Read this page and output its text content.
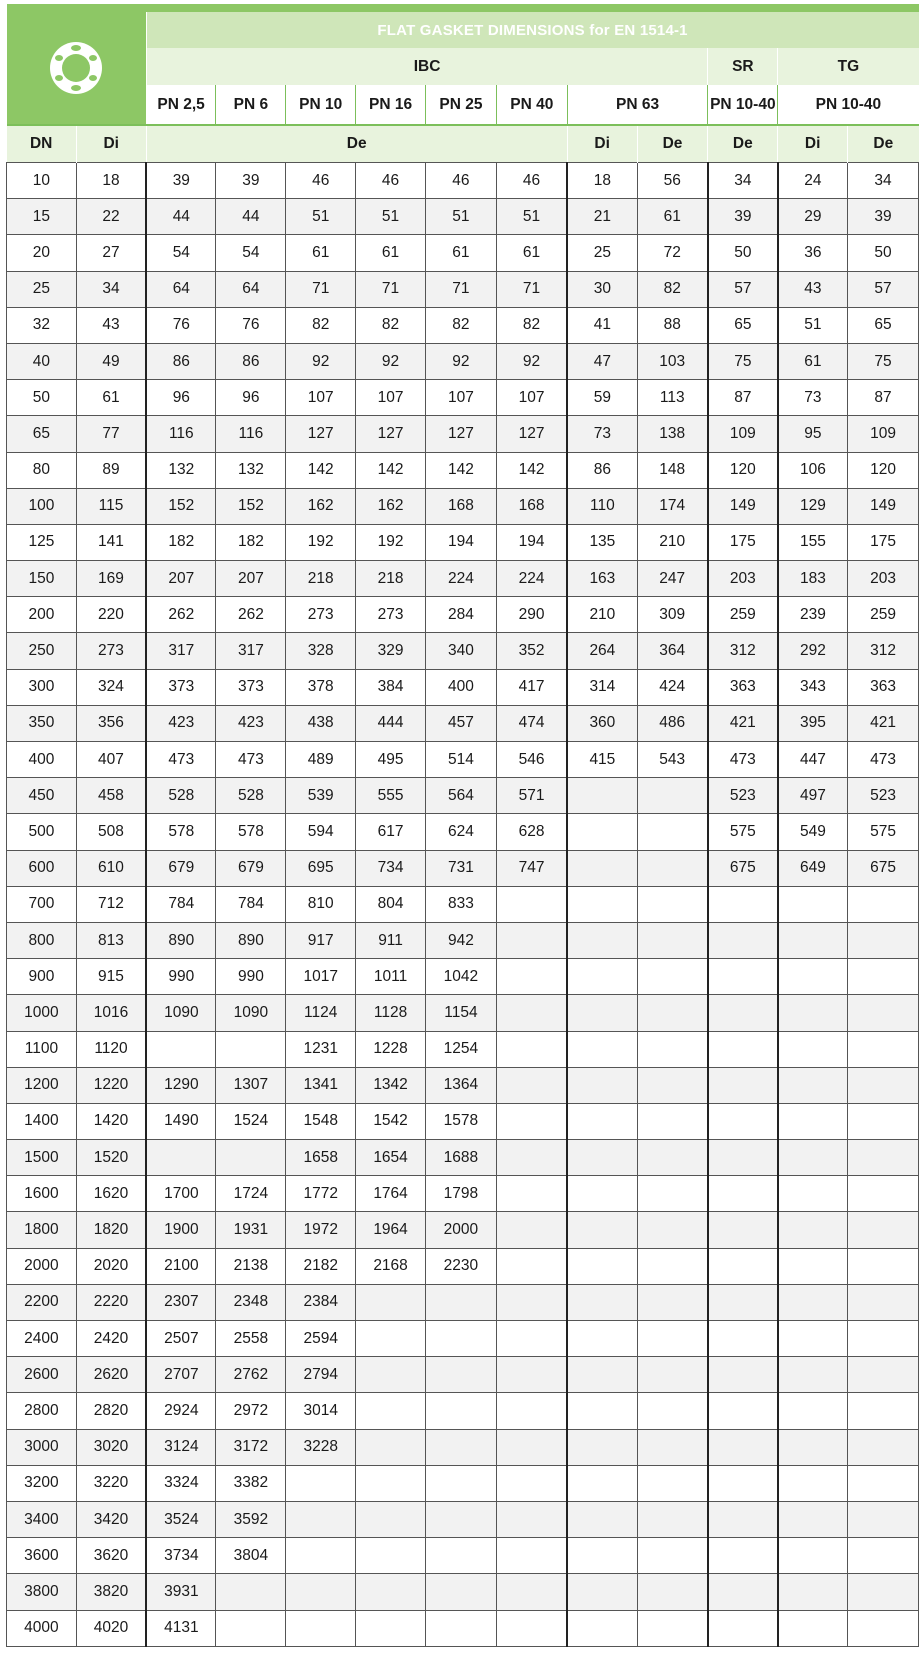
	FLAT GASKET DIMENSIONS for EN 1514-1										
		IBC								SR	TG	
		PN 2,5	PN 6	PN 10	PN 16	PN 25	PN 40	PN 63		PN 10-40	PN 10-40	
DN	Di	De						Di	De	De	Di	De
10	18	39	39	46	46	46	46	18	56	34	24	34
15	22	44	44	51	51	51	51	21	61	39	29	39
20	27	54	54	61	61	61	61	25	72	50	36	50
25	34	64	64	71	71	71	71	30	82	57	43	57
32	43	76	76	82	82	82	82	41	88	65	51	65
40	49	86	86	92	92	92	92	47	103	75	61	75
50	61	96	96	107	107	107	107	59	113	87	73	87
65	77	116	116	127	127	127	127	73	138	109	95	109
80	89	132	132	142	142	142	142	86	148	120	106	120
100	115	152	152	162	162	168	168	110	174	149	129	149
125	141	182	182	192	192	194	194	135	210	175	155	175
150	169	207	207	218	218	224	224	163	247	203	183	203
200	220	262	262	273	273	284	290	210	309	259	239	259
250	273	317	317	328	329	340	352	264	364	312	292	312
300	324	373	373	378	384	400	417	314	424	363	343	363
350	356	423	423	438	444	457	474	360	486	421	395	421
400	407	473	473	489	495	514	546	415	543	473	447	473
450	458	528	528	539	555	564	571			523	497	523
500	508	578	578	594	617	624	628			575	549	575
600	610	679	679	695	734	731	747			675	649	675
700	712	784	784	810	804	833						
800	813	890	890	917	911	942						
900	915	990	990	1017	1011	1042						
1000	1016	1090	1090	1124	1128	1154						
1100	1120			1231	1228	1254						
1200	1220	1290	1307	1341	1342	1364						
1400	1420	1490	1524	1548	1542	1578						
1500	1520			1658	1654	1688						
1600	1620	1700	1724	1772	1764	1798						
1800	1820	1900	1931	1972	1964	2000						
2000	2020	2100	2138	2182	2168	2230						
2200	2220	2307	2348	2384								
2400	2420	2507	2558	2594								
2600	2620	2707	2762	2794								
2800	2820	2924	2972	3014								
3000	3020	3124	3172	3228								
3200	3220	3324	3382									
3400	3420	3524	3592									
3600	3620	3734	3804									
3800	3820	3931										
4000	4020	4131										
